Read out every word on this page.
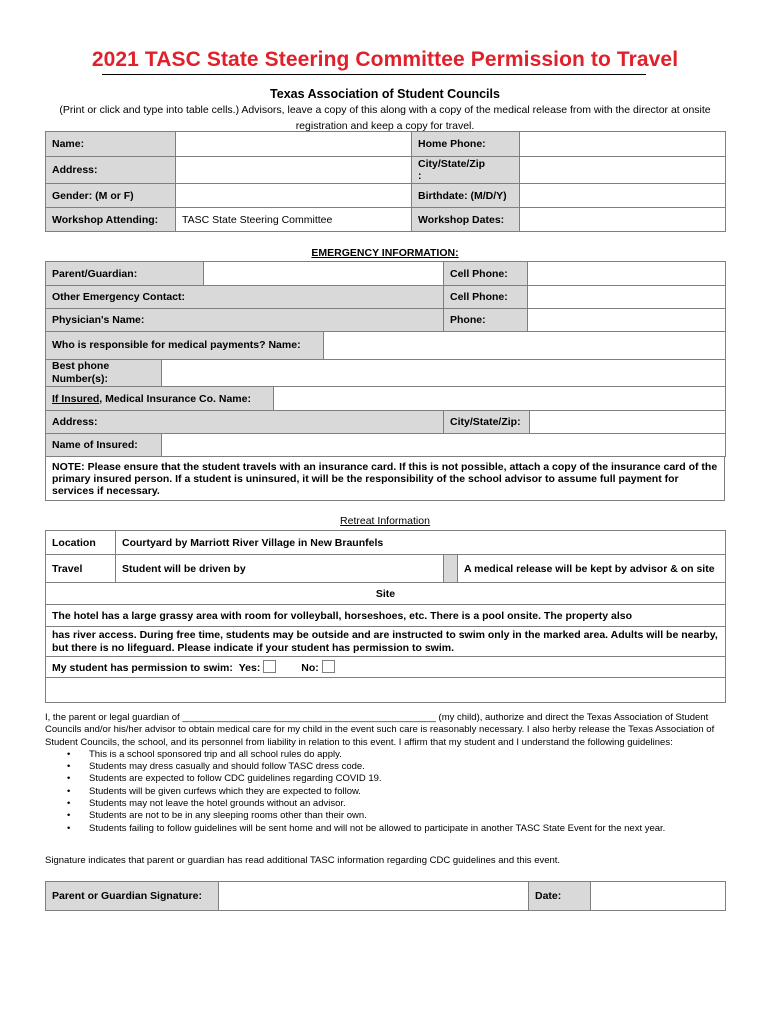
2021 TASC State Steering Committee Permission to Travel
Texas Association of Student Councils
(Print or click and type into table cells.) Advisors, leave a copy of this along with a copy of the medical release from with the director at onsite registration and keep a copy for travel.
Name:		Home Phone:	
Address:		City/State/Zip
:	
Gender: (M or F)		Birthdate: (M/D/Y)	
Workshop Attending:	TASC State Steering Committee	Workshop Dates:	
EMERGENCY INFORMATION:
Parent/Guardian:		Cell Phone:	
Other Emergency Contact:		Cell Phone:	
Physician's Name:		Phone:	
Who is responsible for medical payments? Name:	
Best phone Number(s):	
If Insured, Medical Insurance Co. Name:	
Address:	City/State/Zip:	
Name of Insured:	
NOTE: Please ensure that the student travels with an insurance card. If this is not possible, attach a copy of the insurance card of the primary insured person. If a student is uninsured, it will be the responsibility of the school advisor to assume full payment for services if necessary.
Retreat Information
Location	Courtyard by Marriott River Village in New Braunfels		
Travel	Student will be driven by		A medical release will be kept by advisor & on site
Site			
The hotel has a large grassy area with room for volleyball, horseshoes, etc. There is a pool onsite. The property also			
has river access. During free time, students may be outside and are instructed to swim only in the marked area. Adults will be nearby, but there is no lifeguard. Please indicate if your student has permission to swim.			
My student has permission to swim: Yes: No:			

I, the parent or legal guardian of ________________________________________________ (my child), authorize and direct the Texas Association of Student Councils and/or his/her advisor to obtain medical care for my child in the event such care is reasonably necessary. I also herby release the Texas Association of Student Councils, the school, and its personnel from liability in relation to this event. I affirm that my student and I understand the following guidelines:
• This is a school sponsored trip and all school rules do apply.
• Students may dress casually and should follow TASC dress code.
• Students are expected to follow CDC guidelines regarding COVID 19.
• Students will be given curfews which they are expected to follow.
• Students may not leave the hotel grounds without an advisor.
• Students are not to be in any sleeping rooms other than their own.
• Students failing to follow guidelines will be sent home and will not be allowed to participate in another TASC State Event for the next year.
Signature indicates that parent or guardian has read additional TASC information regarding CDC guidelines and this event.
Parent or Guardian Signature:		Date:	
